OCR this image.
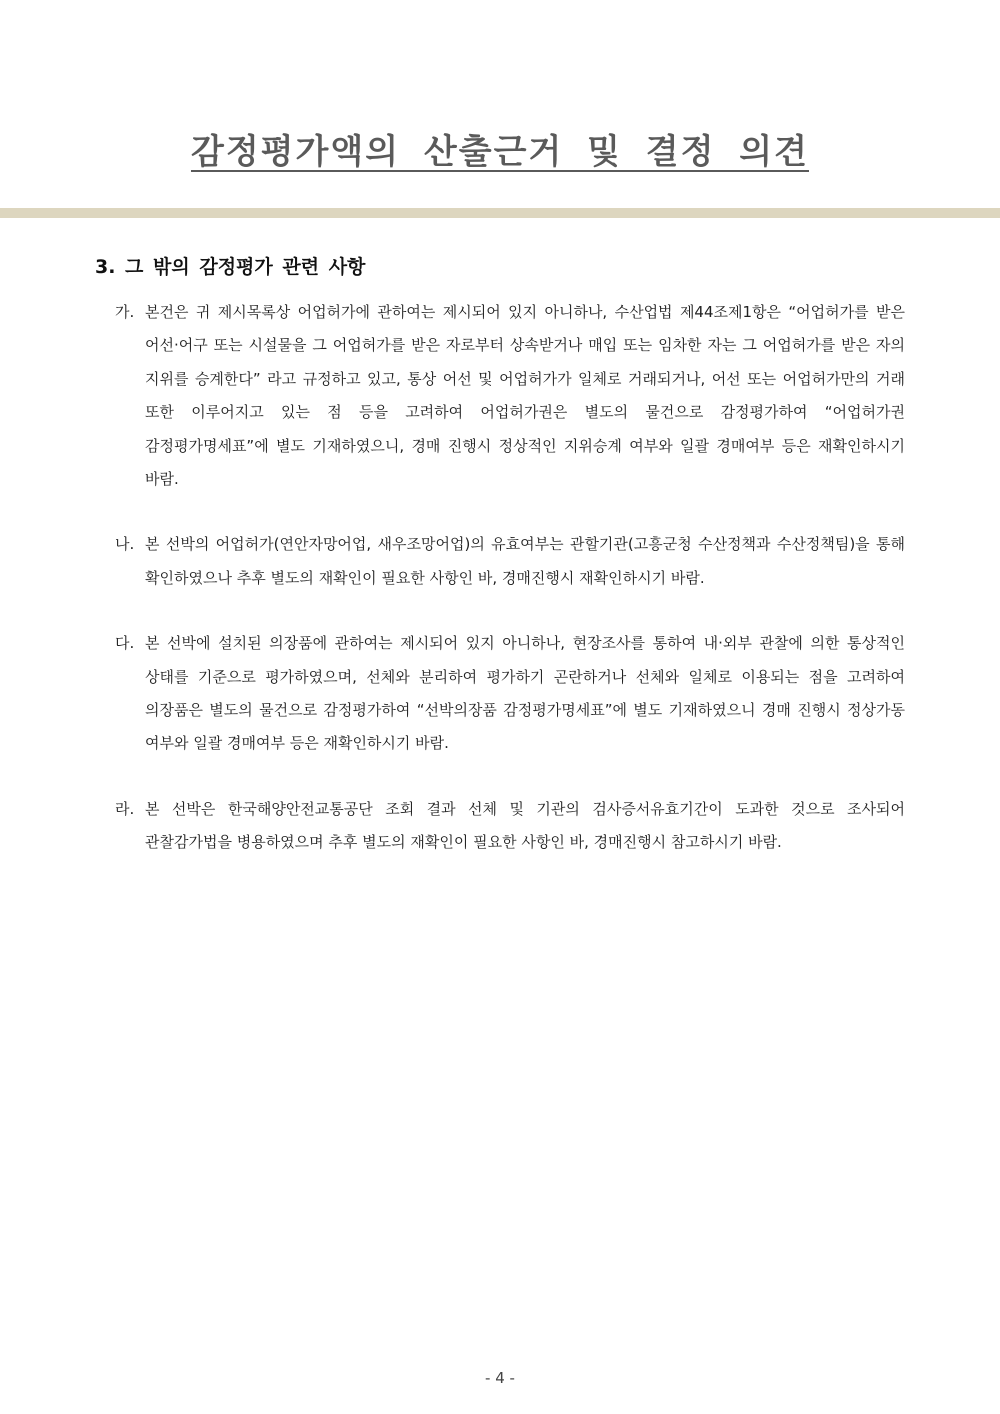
감정평가액의 산출근거 및 결정 의견
3. 그 밖의 감정평가 관련 사항
가. 본건은 귀 제시목록상 어업허가에 관하여는 제시되어 있지 아니하나, 수산업법 제44조제1항은 “어업허가를 받은 어선·어구 또는 시설물을 그 어업허가를 받은 자로부터 상속받거나 매입 또는 임차한 자는 그 어업허가를 받은 자의 지위를 승계한다” 라고 규정하고 있고, 통상 어선 및 어업허가가 일체로 거래되거나, 어선 또는 어업허가만의 거래 또한 이루어지고 있는 점 등을 고려하여 어업허가권은 별도의 물건으로 감정평가하여 “어업허가권 감정평가명세표”에 별도 기재하였으니, 경매 진행시 정상적인 지위승계 여부와 일괄 경매여부 등은 재확인하시기 바람.
나. 본 선박의 어업허가(연안자망어업, 새우조망어업)의 유효여부는 관할기관(고흥군청 수산정책과 수산정책팀)을 통해 확인하였으나 추후 별도의 재확인이 필요한 사항인 바, 경매진행시 재확인하시기 바람.
다. 본 선박에 설치된 의장품에 관하여는 제시되어 있지 아니하나, 현장조사를 통하여 내·외부 관찰에 의한 통상적인 상태를 기준으로 평가하였으며, 선체와 분리하여 평가하기 곤란하거나 선체와 일체로 이용되는 점을 고려하여 의장품은 별도의 물건으로 감정평가하여 “선박의장품 감정평가명세표”에 별도 기재하였으니 경매 진행시 정상가동 여부와 일괄 경매여부 등은 재확인하시기 바람.
라. 본 선박은 한국해양안전교통공단 조회 결과 선체 및 기관의 검사증서유효기간이 도과한 것으로 조사되어 관찰감가법을 병용하였으며 추후 별도의 재확인이 필요한 사항인 바, 경매진행시 참고하시기 바람.
- 4 -
